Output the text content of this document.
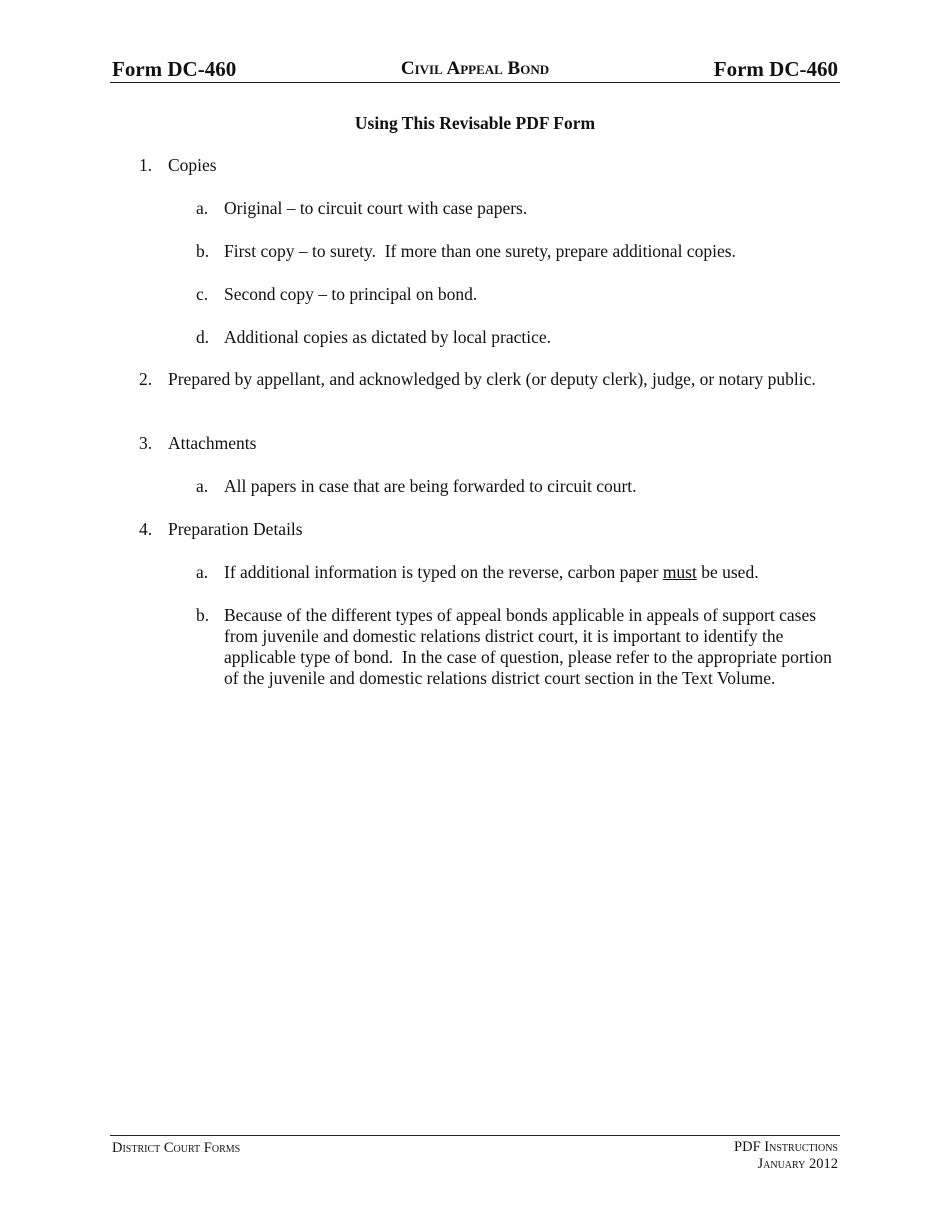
Form DC-460	Civil Appeal Bond	Form DC-460
Using This Revisable PDF Form
1. Copies
a. Original – to circuit court with case papers.
b. First copy – to surety.  If more than one surety, prepare additional copies.
c. Second copy – to principal on bond.
d. Additional copies as dictated by local practice.
2. Prepared by appellant, and acknowledged by clerk (or deputy clerk), judge, or notary public.
3. Attachments
a. All papers in case that are being forwarded to circuit court.
4. Preparation Details
a. If additional information is typed on the reverse, carbon paper must be used.
b. Because of the different types of appeal bonds applicable in appeals of support cases from juvenile and domestic relations district court, it is important to identify the applicable type of bond.  In the case of question, please refer to the appropriate portion of the juvenile and domestic relations district court section in the Text Volume.
District Court Forms	PDF Instructions
January 2012
